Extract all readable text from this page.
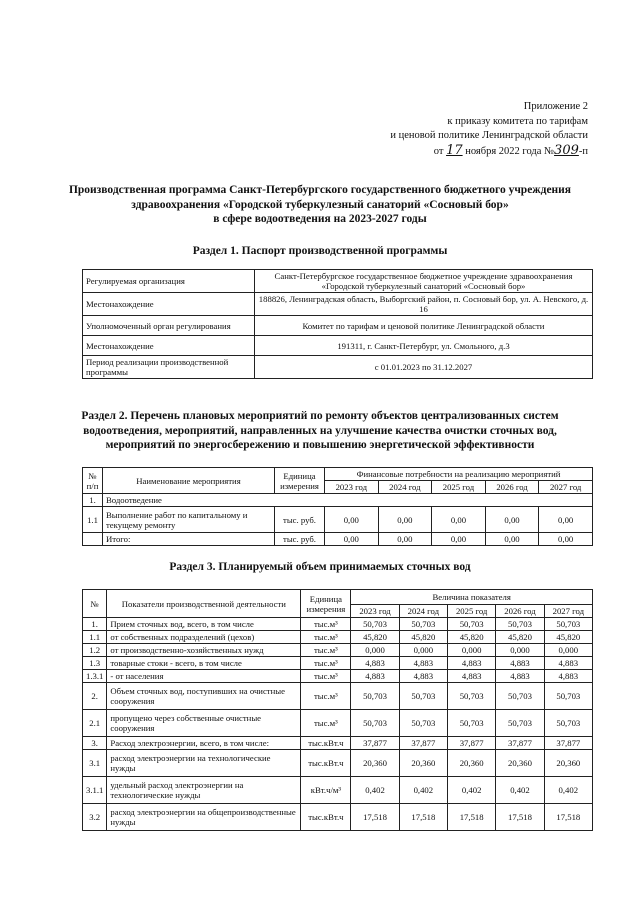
Приложение 2
к приказу комитета по тарифам
и ценовой политике Ленинградской области
от 17 ноября 2022 года №309-п
Производственная программа Санкт-Петербургского государственного бюджетного учреждения
здравоохранения «Городской туберкулезный санаторий «Сосновый бор»
в сфере водоотведения на 2023-2027 годы
Раздел 1. Паспорт производственной программы
Регулируемая организация	Санкт-Петербургское государственное бюджетное учреждение здравоохранения «Городской туберкулезный санаторий «Сосновый бор»
Местонахождение	188826, Ленинградская область, Выборгский район, п. Сосновый бор, ул. А. Невского, д. 16
Уполномоченный орган регулирования	Комитет по тарифам и ценовой политике Ленинградской области
Местонахождение	191311, г. Санкт-Петербург, ул. Смольного, д.3
Период реализации производственной программы	с 01.01.2023 по 31.12.2027
Раздел 2. Перечень плановых мероприятий по ремонту объектов централизованных систем
водоотведения, мероприятий, направленных на улучшение качества очистки сточных вод,
мероприятий по энергосбережению и повышению энергетической эффективности
№ п/п	Наименование мероприятия	Единица измерения	Финансовые потребности на реализацию мероприятий				
			2023 год	2024 год	2025 год	2026 год	2027 год
1.	Водоотведение						
1.1	Выполнение работ по капитальному и текущему ремонту	тыс. руб.	0,00	0,00	0,00	0,00	0,00
	Итого:	тыс. руб.	0,00	0,00	0,00	0,00	0,00
Раздел 3. Планируемый объем принимаемых сточных вод
№	Показатели производственной деятельности	Единица измерения	Величина показателя				
			2023 год	2024 год	2025 год	2026 год	2027 год
1.	Прием сточных вод, всего, в том числе	тыс.м³	50,703	50,703	50,703	50,703	50,703
1.1	от собственных подразделений (цехов)	тыс.м³	45,820	45,820	45,820	45,820	45,820
1.2	от производственно-хозяйственных нужд	тыс.м³	0,000	0,000	0,000	0,000	0,000
1.3	товарные стоки - всего, в том числе	тыс.м³	4,883	4,883	4,883	4,883	4,883
1.3.1	- от населения	тыс.м³	4,883	4,883	4,883	4,883	4,883
2.	Объем сточных вод, поступивших на очистные сооружения	тыс.м³	50,703	50,703	50,703	50,703	50,703
2.1	пропущено через собственные очистные сооружения	тыс.м³	50,703	50,703	50,703	50,703	50,703
3.	Расход электроэнергии, всего, в том числе:	тыс.кВт.ч	37,877	37,877	37,877	37,877	37,877
3.1	расход электроэнергии на технологические нужды	тыс.кВт.ч	20,360	20,360	20,360	20,360	20,360
3.1.1	удельный расход электроэнергии на технологические нужды	кВт.ч/м³	0,402	0,402	0,402	0,402	0,402
3.2	расход электроэнергии на общепроизводственные нужды	тыс.кВт.ч	17,518	17,518	17,518	17,518	17,518
